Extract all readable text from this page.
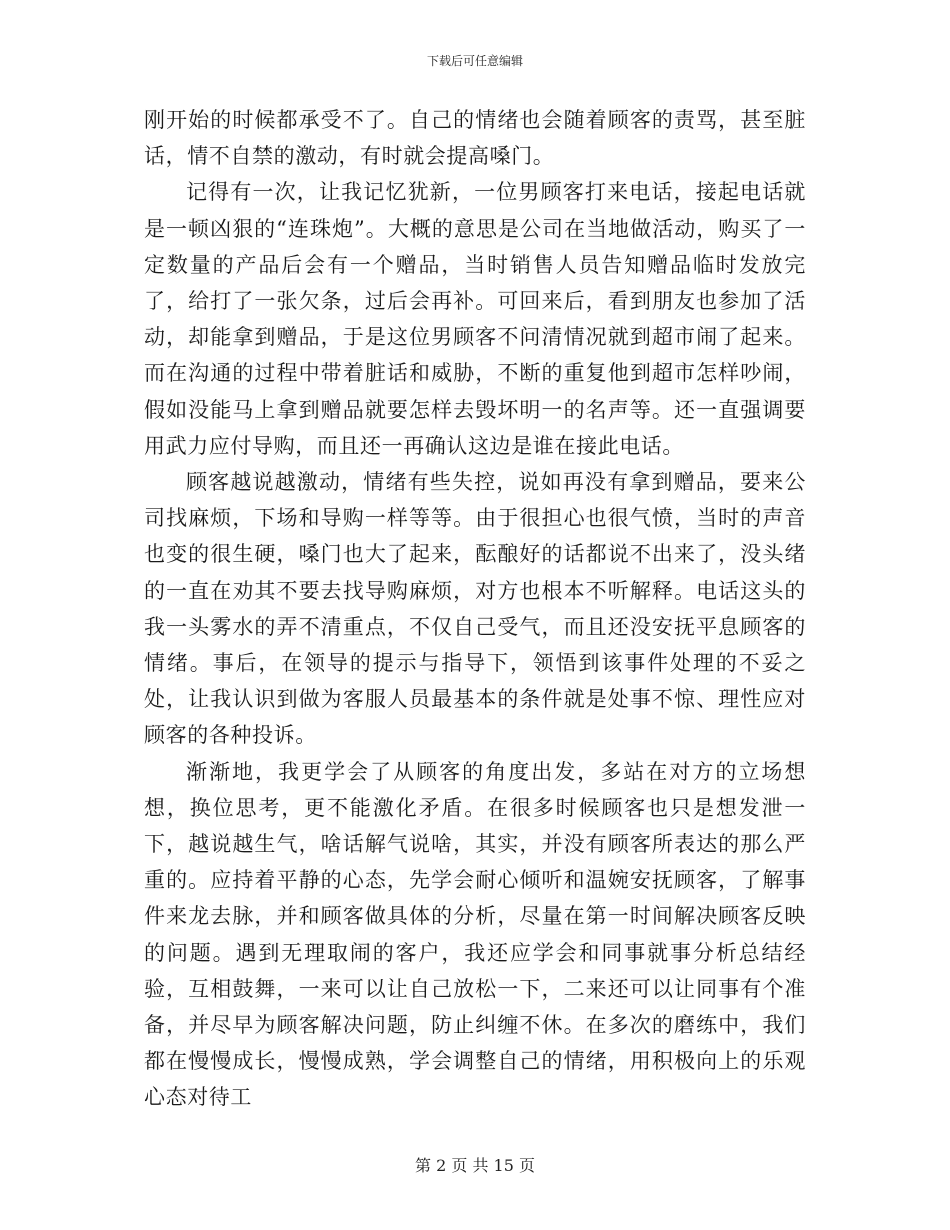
下载后可任意编辑

刚开始的时候都承受不了。自己的情绪也会随着顾客的责骂，甚至脏话，情不自禁的激动，有时就会提高嗓门。

记得有一次，让我记忆犹新，一位男顾客打来电话，接起电话就是一顿凶狠的“连珠炮”。大概的意思是公司在当地做活动，购买了一定数量的产品后会有一个赠品，当时销售人员告知赠品临时发放完了，给打了一张欠条，过后会再补。可回来后，看到朋友也参加了活动，却能拿到赠品，于是这位男顾客不问清情况就到超市闹了起来。而在沟通的过程中带着脏话和威胁，不断的重复他到超市怎样吵闹，假如没能马上拿到赠品就要怎样去毁坏明一的名声等。还一直强调要用武力应付导购，而且还一再确认这边是谁在接此电话。

顾客越说越激动，情绪有些失控，说如再没有拿到赠品，要来公司找麻烦，下场和导购一样等等。由于很担心也很气愤，当时的声音也变的很生硬，嗓门也大了起来，酝酿好的话都说不出来了，没头绪的一直在劝其不要去找导购麻烦，对方也根本不听解释。电话这头的我一头雾水的弄不清重点，不仅自己受气，而且还没安抚平息顾客的情绪。事后，在领导的提示与指导下，领悟到该事件处理的不妥之处，让我认识到做为客服人员最基本的条件就是处事不惊、理性应对顾客的各种投诉。

渐渐地，我更学会了从顾客的角度出发，多站在对方的立场想想，换位思考，更不能激化矛盾。在很多时候顾客也只是想发泄一下，越说越生气，啥话解气说啥，其实，并没有顾客所表达的那么严重的。应持着平静的心态，先学会耐心倾听和温婉安抚顾客，了解事件来龙去脉，并和顾客做具体的分析，尽量在第一时间解决顾客反映的问题。遇到无理取闹的客户，我还应学会和同事就事分析总结经验，互相鼓舞，一来可以让自己放松一下，二来还可以让同事有个准备，并尽早为顾客解决问题，防止纠缠不休。在多次的磨练中，我们都在慢慢成长，慢慢成熟，学会调整自己的情绪，用积极向上的乐观心态对待工

第 2 页 共 15 页
